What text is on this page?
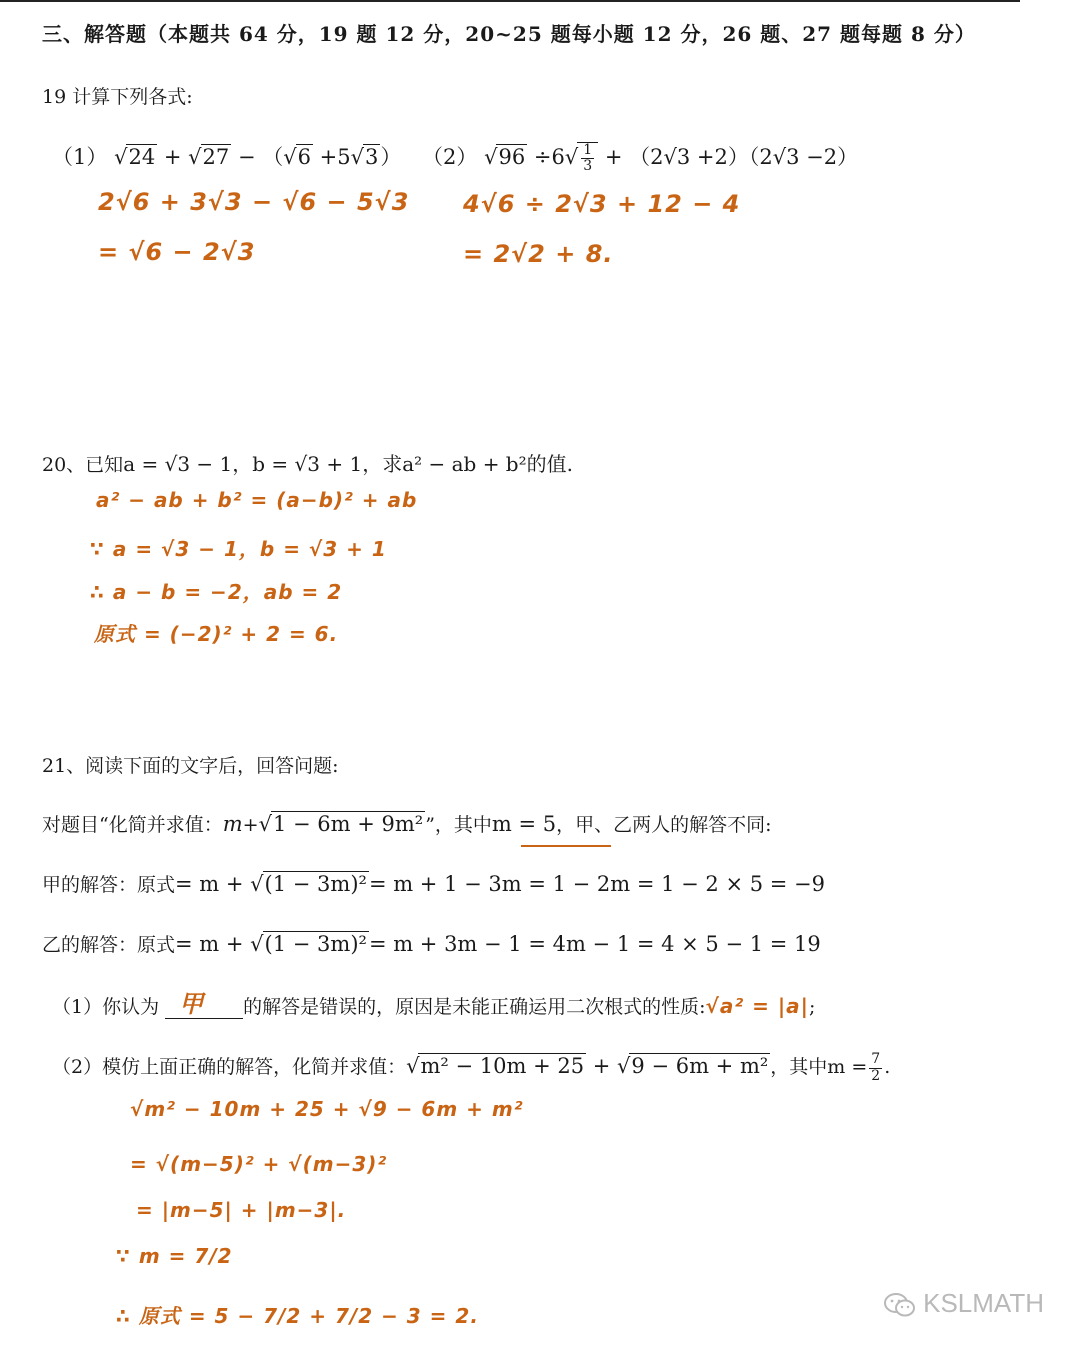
三、解答题（本题共 64 分，19 题 12 分，20~25 题每小题 12 分，26 题、27 题每题 8 分）
19 计算下列各式:
（1） √ 24 + √ 27 − （√ 6 +5√ 3）
2√6 + 3√3 − √6 − 5√3
= √6 − 2√3
（2） √ $96 \div 6√ \frac{1}{3} + (2√3 +2)(2√3 -2)$
4√6 ÷ 2√3 + 12 − 4
= 2√2 + 8.
20、已知a = √3 − 1，b = √3 + 1，求a² − ab + b²的值.
a² − ab + b² = (a−b)² + ab
∵ a = √3 − 1，b = √3 + 1
∴ a − b = −2，ab = 2
原式 = (−2)² + 2 = 6.
21、阅读下面的文字后，回答问题:
对题目“化简并求值：m+√ 1 − 6m + 9m² ”，其中m = 5，甲、乙两人的解答不同:
甲的解答：原式= m + √ (1 − 3m)²= m + 1 − 3m = 1 − 2m = 1 − 2 × 5 = −9
乙的解答：原式= m + √ (1 − 3m)²= m + 3m − 1 = 4m − 1 = 4 × 5 − 1 = 19
（1）你认为 甲 的解答是错误的，原因是未能正确运用二次根式的性质:√a² = |a|;
（2）模仿上面正确的解答，化简并求值：√ m² − 10m + 25 + √ 9 − 6m + m² ，其中$m = \frac{7}{2}$ .
√m² − 10m + 25 + √9 − 6m + m²
= √(m−5)² + √(m−3)²
= |m−5| + |m−3|.
∵ m = 7/2
∴ 原式 = 5 − 7/2 + 7/2 − 3 = 2.	KSLMATH
